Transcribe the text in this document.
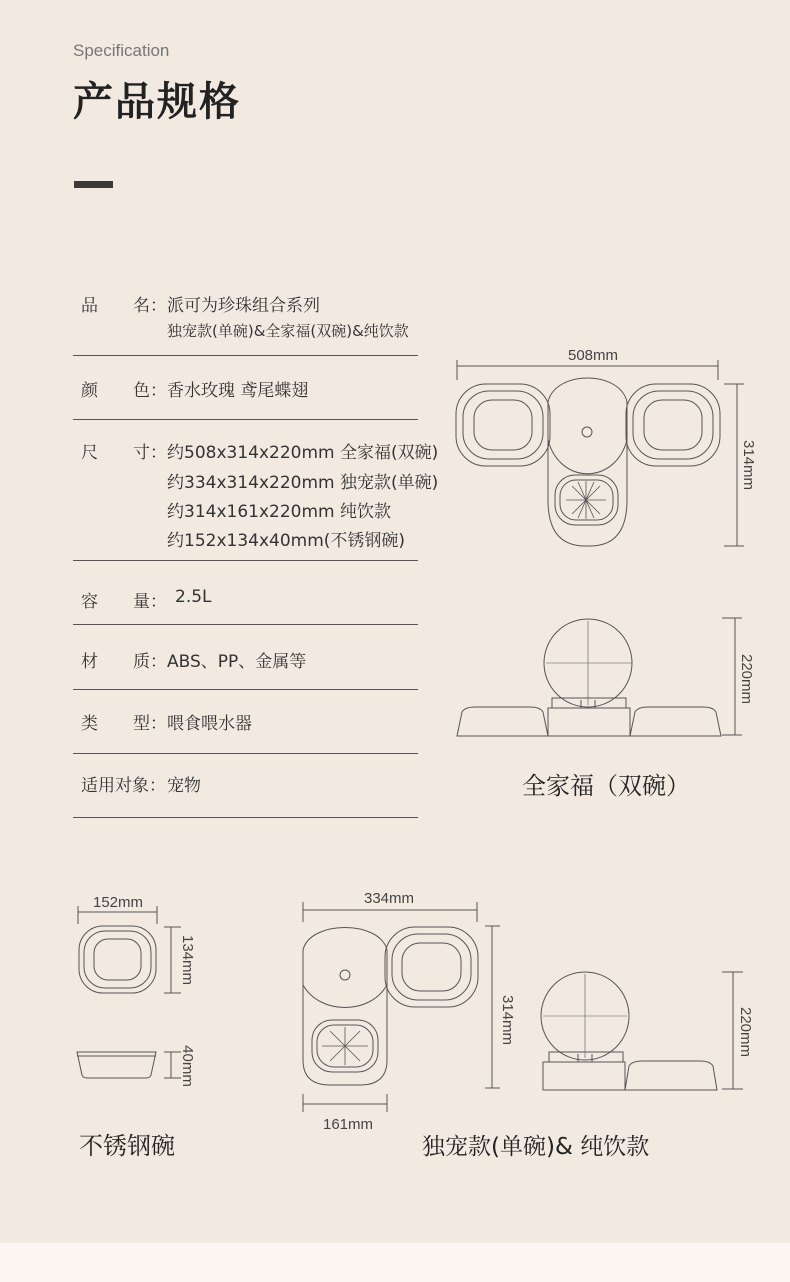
Specification
产品规格
品 名： 派可为珍珠组合系列
独宠款(单碗)&全家福(双碗)&纯饮款
颜 色： 香水玫瑰 鸢尾蝶翅
尺 寸： 约508x314x220mm 全家福(双碗)
约334x314x220mm 独宠款(单碗)
约314x161x220mm 纯饮款
约152x134x40mm(不锈钢碗)
容 量： 2.5L
材 质： ABS、PP、金属等
类 型： 喂食喂水器
适用对象： 宠物
508mm
314mm
220mm
152mm
134mm
40mm
334mm
314mm
161mm
220mm
全家福（双碗）
不锈钢碗	独宠款(单碗)& 纯饮款
